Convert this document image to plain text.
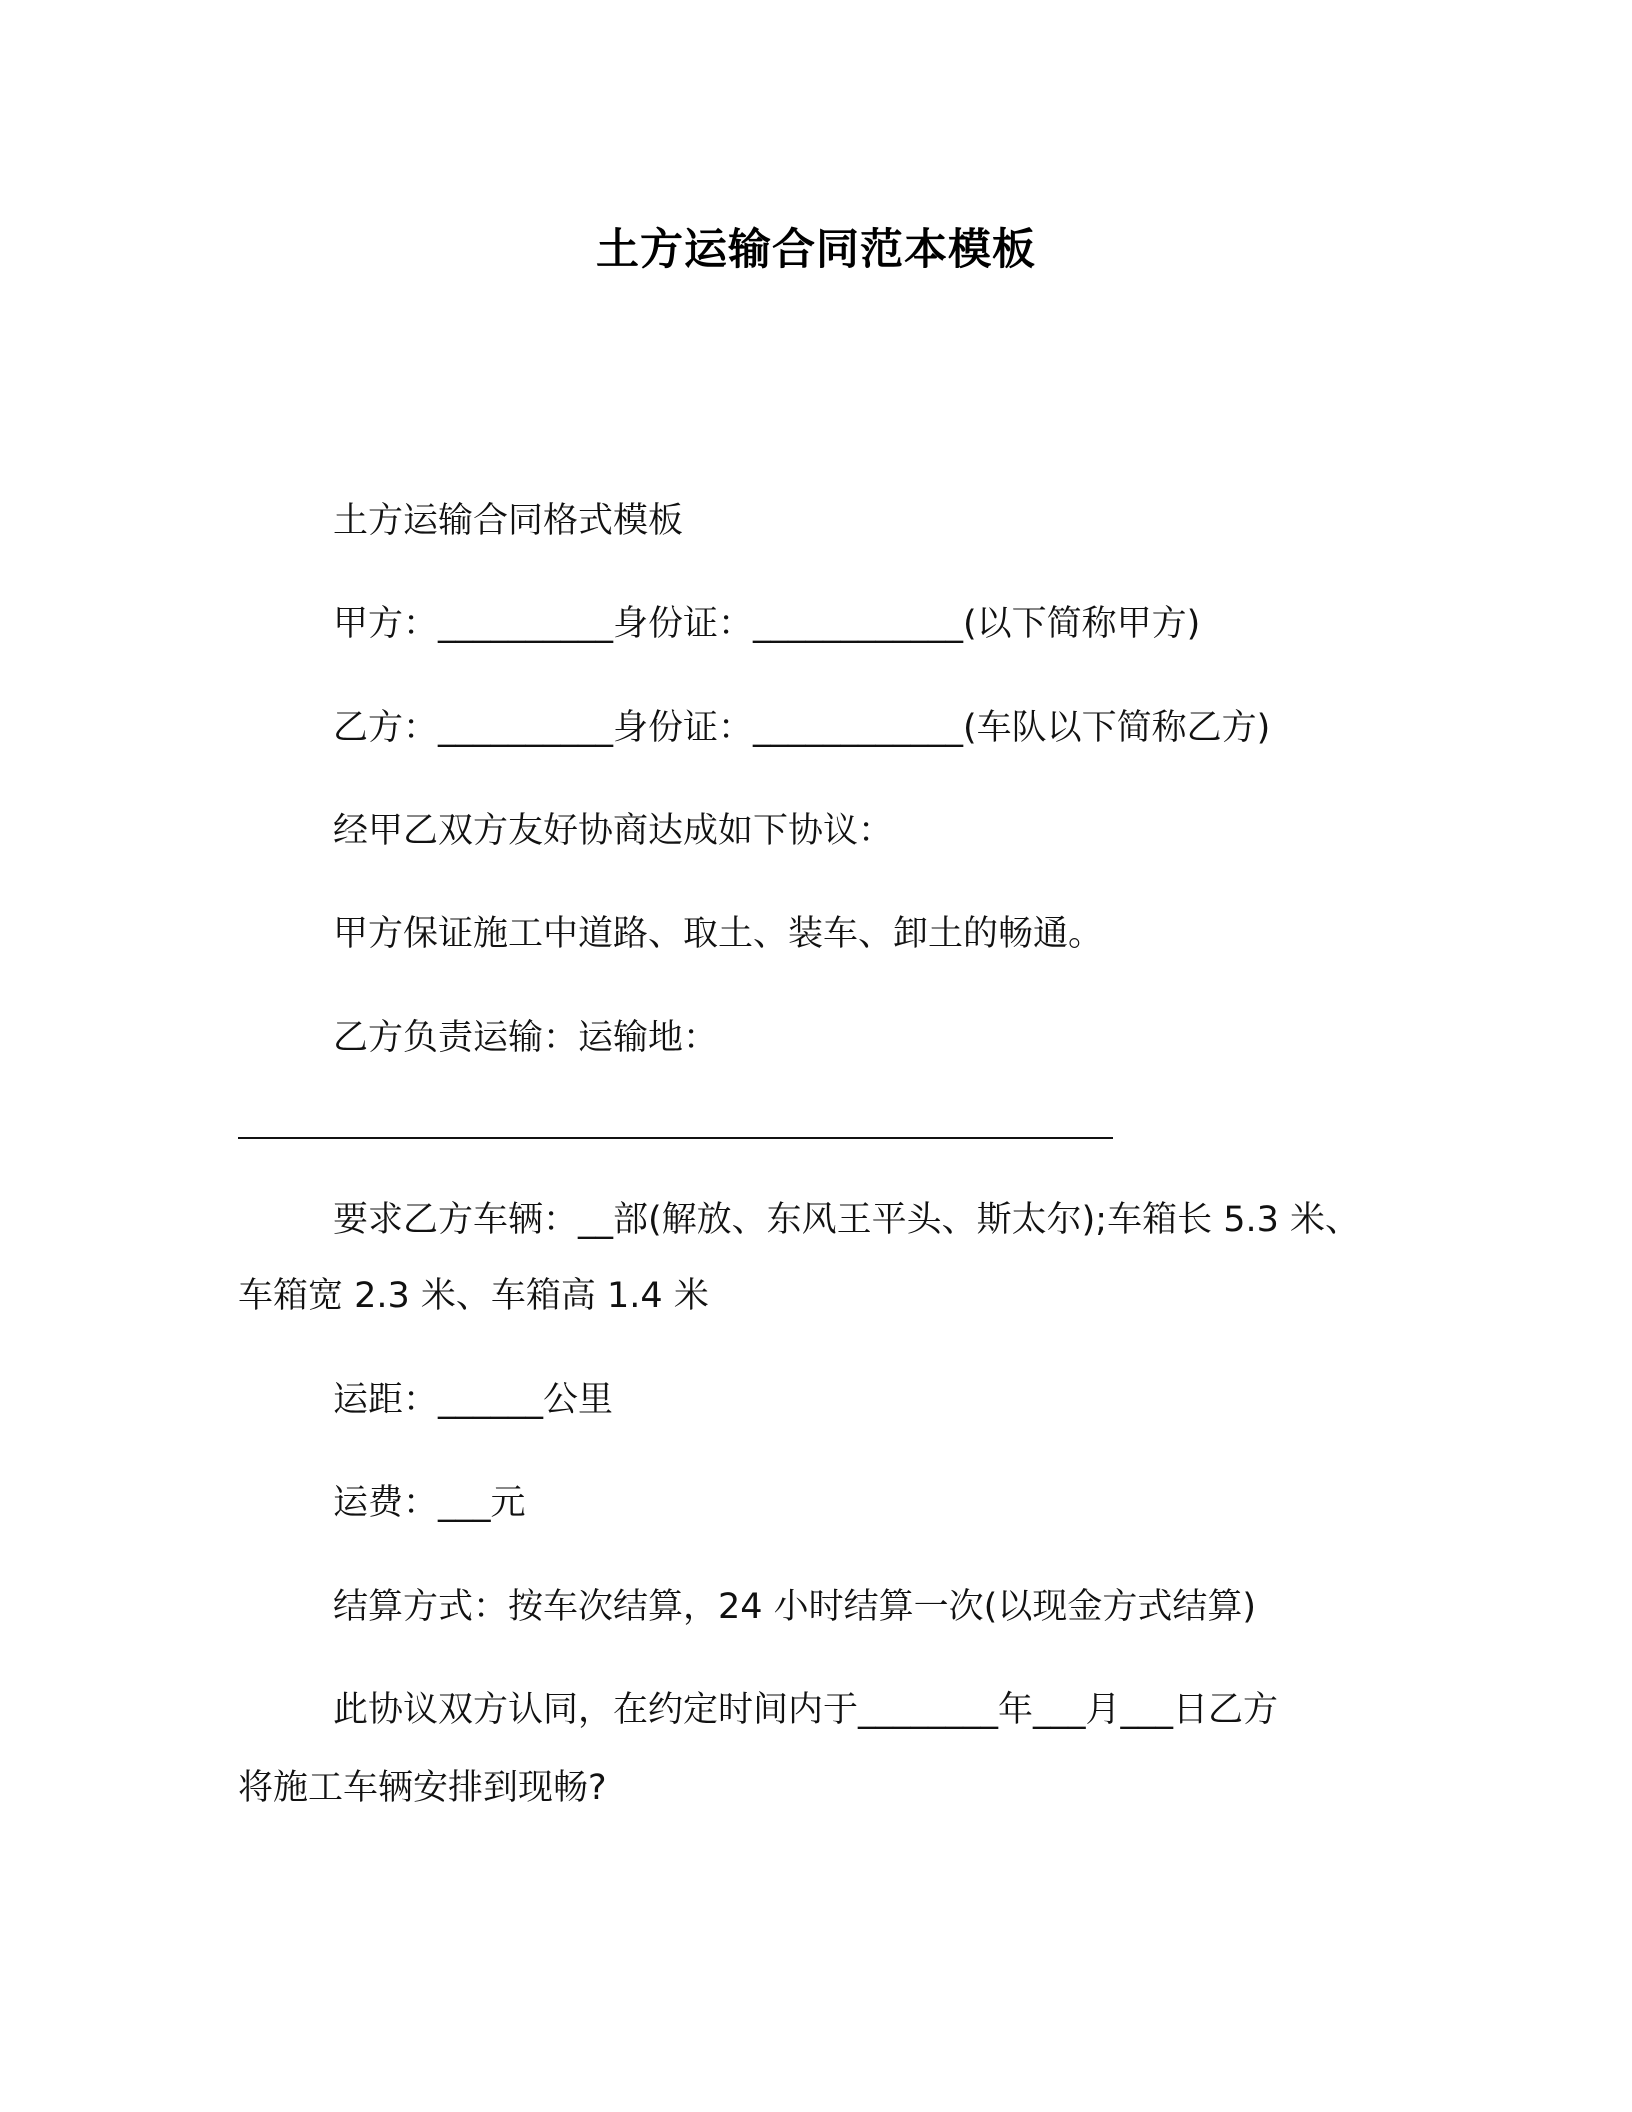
土方运输合同范本模板
土方运输合同格式模板
甲方：__________身份证：____________(以下简称甲方)
乙方：__________身份证：____________(车队以下简称乙方)
经甲乙双方友好协商达成如下协议：
甲方保证施工中道路、取土、装车、卸土的畅通。
乙方负责运输：运输地：
要求乙方车辆：__部(解放、东风王平头、斯太尔);车箱长 5.3 米、
车箱宽 2.3 米、车箱高 1.4 米
运距：______公里
运费：___元
结算方式：按车次结算，24 小时结算一次(以现金方式结算)
此协议双方认同，在约定时间内于________年___月___日乙方
将施工车辆安排到现畅?
